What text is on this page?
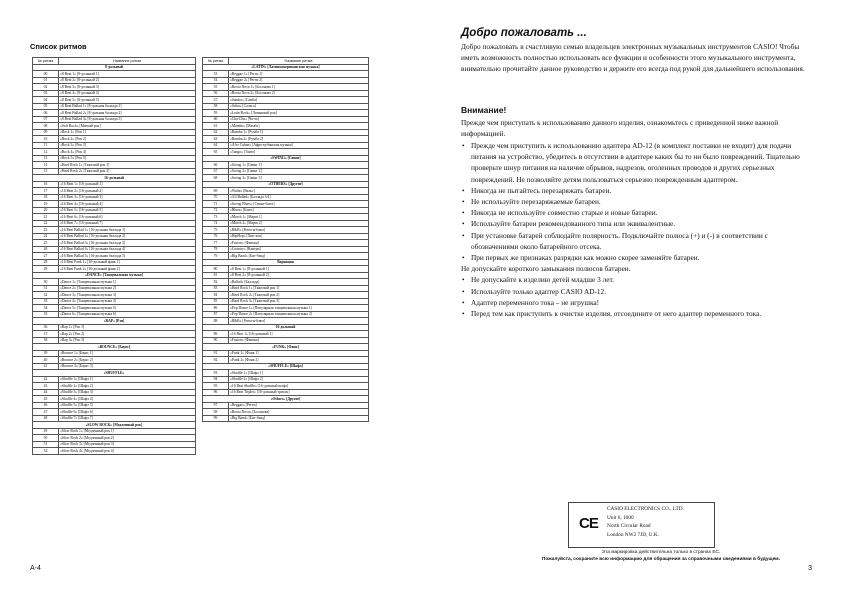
Список ритмов
№ ритма	Название ритма
8-дольный	
00	«8 Beat 1» [8-дольный 1]
01	«8 Beat 2» [8-дольный 2]
02	«8 Beat 3» [8-дольный 3]
03	«8 Beat 4» [8-дольный 4]
04	«8 Beat 5» [8-дольный 5]
05	«8 Beat Ballad 1» [8-дольная баллада 1]
06	«8 Beat Ballad 2» [8-дольная баллада 2]
07	«8 Beat Ballad 3» [8-дольная баллада 3]
08	«Soft Rock» [Мягкий рок]
09	«Rock 1» [Рок 1]
10	«Rock 2» [Рок 2]
11	«Rock 3» [Рок 3]
12	«Rock 4» [Рок 4]
13	«Rock 5» [Рок 5]
14	«Hard Rock 1» [Тяжелый рок 1]
15	«Hard Rock 2» [Тяжелый рок 2]
16-дольный	
16	«16 Beat 1» [16-дольный 1]
17	«16 Beat 2» [16-дольный 2]
18	«16 Beat 3» [16-дольный 3]
19	«16 Beat 4» [16-дольный 4]
20	«16 Beat 5» [16-дольный 5]
21	«16 Beat 6» [16-дольный 6]
22	«16 Beat 7» [16-дольный 7]
23	«16 Beat Ballad 1» [16-дольная баллада 1]
24	«16 Beat Ballad 2» [16-дольная баллада 2]
25	«16 Beat Ballad 3» [16-дольная баллада 3]
26	«16 Beat Ballad 4» [16-дольная баллада 4]
27	«16 Beat Ballad 5» [16-дольная баллада 5]
28	«16 Beat Funk 1» [16-дольный фанк 1]
29	«16 Beat Funk 2» [16-дольный фанк 2]
«DANCE» [Танцевальная музыка]	
30	«Dance 1» [Танцевальная музыка 1]
31	«Dance 2» [Танцевальная музыка 2]
32	«Dance 3» [Танцевальная музыка 3]
33	«Dance 4» [Танцевальная музыка 4]
34	«Dance 5» [Танцевальная музыка 5]
35	«Dance 6» [Танцевальная музыка 6]
«RAP» [Рэп]	
36	«Rap 1» [Рэп 1]
37	«Rap 2» [Рэп 2]
38	«Rap 3» [Рэп 3]
«BOUNCE» [Баунс]	
39	«Bounce 1» [Баунс 1]
40	«Bounce 2» [Баунс 2]
41	«Bounce 3» [Баунс 3]
«SHUFFLE»	
42	«Shuffle 1» [Шафл 1]
43	«Shuffle 2» [Шафл 2]
44	«Shuffle 3» [Шафл 3]
45	«Shuffle 4» [Шафл 4]
46	«Shuffle 5» [Шафл 5]
47	«Shuffle 6» [Шафл 6]
48	«Shuffle 7» [Шафл 7]
«SLOW ROCK» [Медленный рок]	
49	«Slow Rock 1» [Медленный рок 1]
50	«Slow Rock 2» [Медленный рок 2]
51	«Slow Rock 3» [Медленный рок 3]
52	«Slow Rock 4» [Медленный рок 4]
№ ритма	Название ритма
«LATIN» [Латиноамериканская музыка]	
53	«Reggae 1» [Регги 1]
54	«Reggae 2» [Регги 2]
55	«Bossa Nova 1» [Босанова 1]
56	«Bossa Nova 2» [Босанова 2]
57	«Samba» [Самба]
58	«Salsa» [Сальса]
59	«Latin Rock» [Латинский рок]
60	«Cha-Cha» [Ча-ча]
61	«Mambo» [Мамбо]
62	«Rumba 1» [Румба 1]
63	«Rumba 2» [Румба 2]
64	«Afro Cuban» [Афро-кубинская музыка]
65	«Tango» [Танго]
«SWING» [Свинг]	
66	«Swing 1» [Свинг 1]
67	«Swing 2» [Свинг 2]
68	«Swing 3» [Свинг 3]
«OTHERS» [Другие]	
69	«Waltz» [Вальс]
70	«3/4 Ballad» [Баллада 3/4]
71	«Swing Blues» [Свинг-блюз]
72	«Blues» [Блюз]
73	«March 1» [Марш 1]
74	«March 2» [Марш 2]
75	«R&B» [Ритм-н-блюз]
76	«HipHop» [Хип-хоп]
77	«Fusion» [Фьюжн]
78	«Country» [Кантри]
79	«Big Band» [Биг-бэнд]
Вариация	
80	«8 Beat 1» [8-дольный 1]
81	«8 Beat 2» [8-дольный 2]
82	«Ballad» [Баллада]
83	«Hard Rock 1» [Тяжелый рок 1]
84	«Hard Rock 2» [Тяжелый рок 2]
85	«Hard Rock 3» [Тяжелый рок 3]
86	«Pop Dance 1» [Популярная танцевальная музыка 1]
87	«Pop Dance 2» [Популярная танцевальная музыка 2]
88	«R&B» [Ритм-н-блюз]
16-дольный	
89	«16 Beat 1» [16-дольный 1]
90	«Fusion» [Фьюжн]
«FUNK» [Фанк]	
91	«Funk 1» [Фанк 1]
92	«Funk 2» [Фанк 2]
«SHUFFLE» [Шафл]	
93	«Shuffle 1» [Шафл 1]
94	«Shuffle 2» [Шафл 2]
95	«16 Beat Shuffle» [16-дольный шафл]
96	«16 Beat Triplet» [16-дольный триоль]
«Others» [Другие]	
97	«Reggae» [Регги]
98	«Bossa Nova» [Босанова]
99	«Big Band» [Биг-бэнд]
А-4
Добро пожаловать ...
Добро пожаловать в счастливую семью владельцев электронных музыкальных инструментов CASIO! Чтобы иметь возможность полностью использовать все функции и особенности этого музыкального инструмента, внимательно прочитайте данное руководство и держите его всегда под рукой для дальнейшего использования.
Внимание!
Прежде чем приступать к использованию данного изделия, ознакомьтесь с приведенной ниже важной информацией.
• Прежде чем приступить к использованию адаптера AD-12 (в комплект поставки не входит) для подачи питания на устройство, убедитесь в отсутствии в адаптере каких бы то ни было повреждений. Тщательно проверьте шнур питания на наличие обрывов, надрезов, оголенных проводов и других серьезных повреждений. Не позволяйте детям пользоваться серьезно поврежденным адаптером.
• Никогда не пытайтесь перезаряжать батареи.
• Не используйте перезаряжаемые батареи.
• Никогда не используйте совместно старые и новые батареи.
• Используйте батареи рекомендованного типа или эквивалентные.
• При установке батарей соблюдайте полярность. Подключайте полюса (+) и (-) в соответствии с обозначениями около батарейного отсека.
• При первых же признаках разрядки как можно скорее заменяйте батареи.
Не допускайте короткого замыкания полюсов батареи.
• Не допускайте к изделию детей младше 3 лет.
• Используйте только адаптер CASIO AD-12.
• Адаптер переменного тока – не игрушка!
• Перед тем как приступить к очистке изделия, отсоедините от него адаптер переменного тока.
CE
CASIO ELECTRONICS CO., LTD.
Unit 6, 1000
North Circular Road
London NW2 7JD, U.K.
Эта маркировка действительна только в странах ЕС.
Пожалуйста, сохраните всю информацию для обращения за справочными сведениями в будущем.
3
